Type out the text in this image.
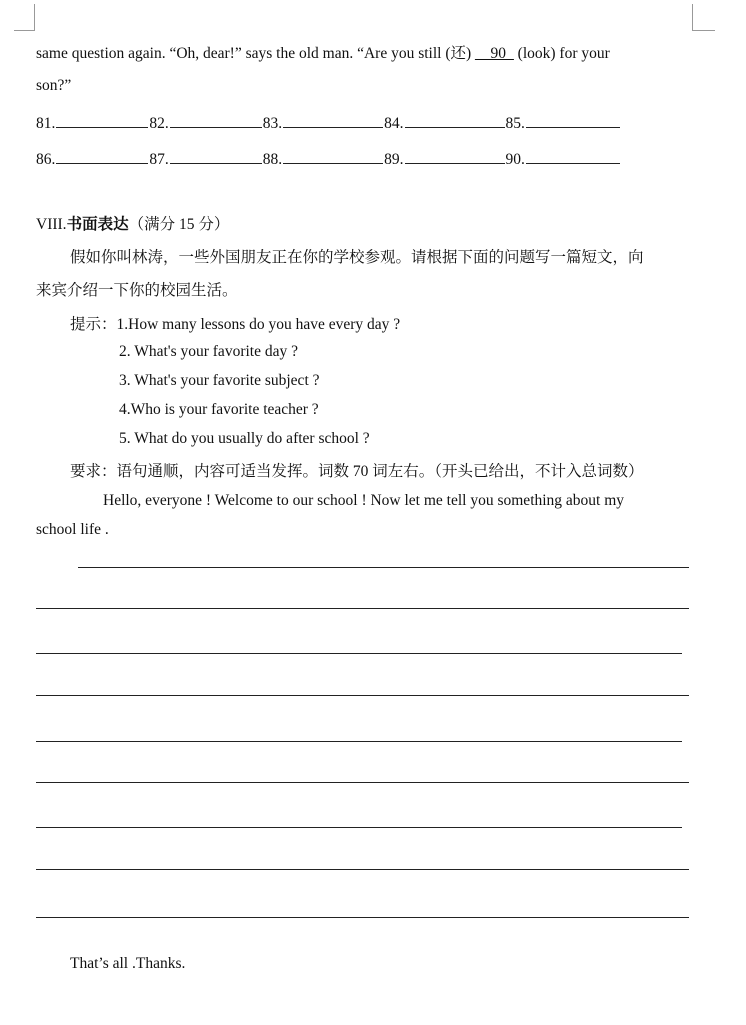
same question again. “Oh, dear!” says the old man. “Are you still (还) __90_ (look) for your
son?”
81.	82.	83.	84.	85.
86.	87.	88.	89.	90.
VIII.书面表达（满分 15 分）
假如你叫林涛，一些外国朋友正在你的学校参观。请根据下面的问题写一篇短文，向
来宾介绍一下你的校园生活。
提示：1.How many lessons do you have every day ?
2. What's your favorite day ?
3. What's your favorite subject ?
4.Who is your favorite teacher ?
5. What do you usually do after school ?
要求：语句通顺，内容可适当发挥。词数 70 词左右。（开头已给出，不计入总词数）
Hello, everyone ! Welcome to our school ! Now let me tell you something about my
school life .
That’s all .Thanks.
